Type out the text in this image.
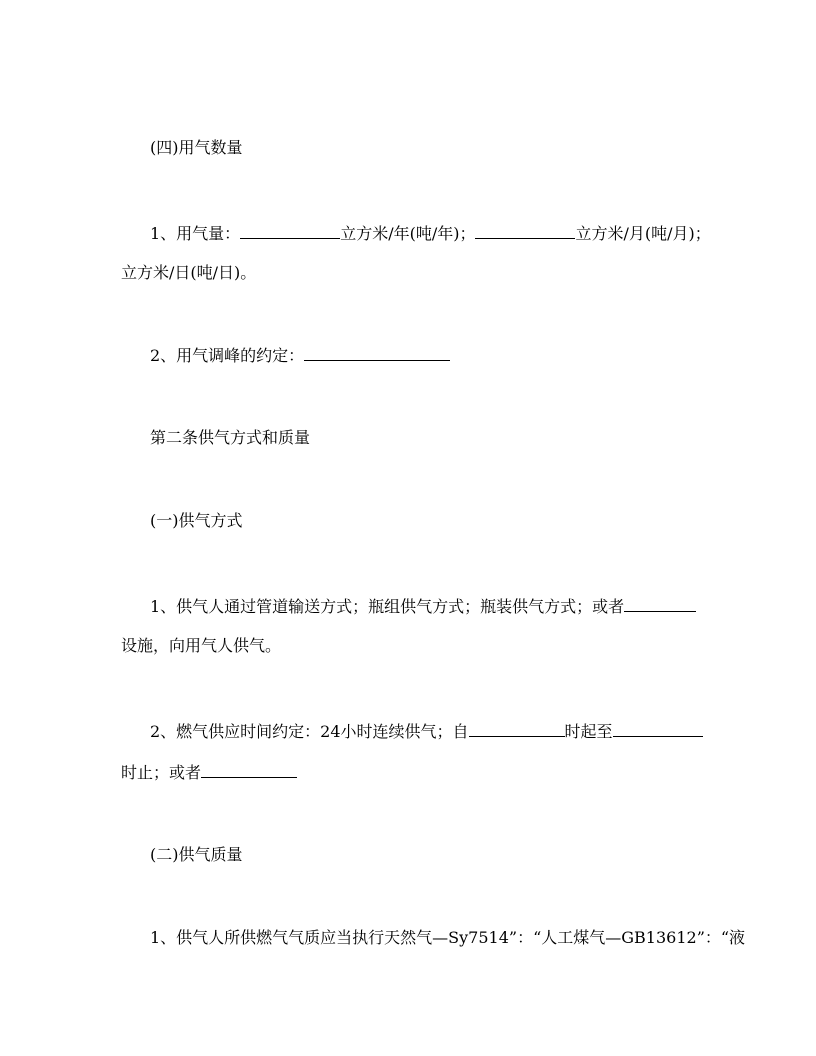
(四)用气数量
1、用气量：	立方米/年(吨/年)；	立方米/月(吨/月)；
立方米/日(吨/日)。
2、用气调峰的约定：
第二条供气方式和质量
(一)供气方式
1、供气人通过管道输送方式；瓶组供气方式；瓶装供气方式；或者
设施，向用气人供气。
2、燃气供应时间约定：24小时连续供气；自	时起至
时止；或者
(二)供气质量
1、供气人所供燃气气质应当执行天然气—Sy7514”：“人工煤气—GB13612”：“液
